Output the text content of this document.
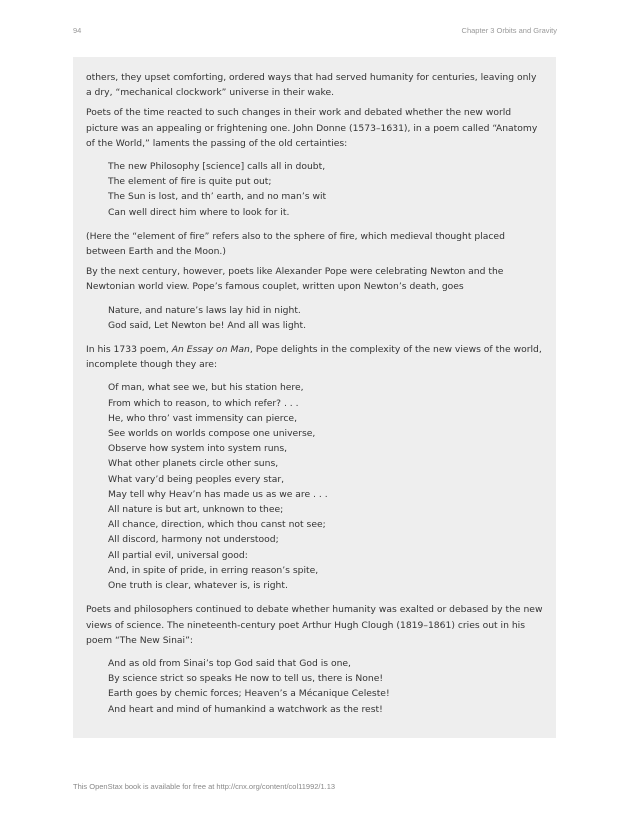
94	Chapter 3 Orbits and Gravity

others, they upset comforting, ordered ways that had served humanity for centuries, leaving only a dry, “mechanical clockwork” universe in their wake.

Poets of the time reacted to such changes in their work and debated whether the new world picture was an appealing or frightening one. John Donne (1573–1631), in a poem called “Anatomy of the World,” laments the passing of the old certainties:

The new Philosophy [science] calls all in doubt,
The element of fire is quite put out;
The Sun is lost, and th’ earth, and no man’s wit
Can well direct him where to look for it.

(Here the “element of fire” refers also to the sphere of fire, which medieval thought placed between Earth and the Moon.)

By the next century, however, poets like Alexander Pope were celebrating Newton and the Newtonian world view. Pope’s famous couplet, written upon Newton’s death, goes

Nature, and nature’s laws lay hid in night.
God said, Let Newton be! And all was light.

In his 1733 poem, An Essay on Man, Pope delights in the complexity of the new views of the world, incomplete though they are:

Of man, what see we, but his station here,
From which to reason, to which refer? . . .
He, who thro’ vast immensity can pierce,
See worlds on worlds compose one universe,
Observe how system into system runs,
What other planets circle other suns,
What vary’d being peoples every star,
May tell why Heav’n has made us as we are . . .
All nature is but art, unknown to thee;
All chance, direction, which thou canst not see;
All discord, harmony not understood;
All partial evil, universal good:
And, in spite of pride, in erring reason’s spite,
One truth is clear, whatever is, is right.

Poets and philosophers continued to debate whether humanity was exalted or debased by the new views of science. The nineteenth-century poet Arthur Hugh Clough (1819–1861) cries out in his poem “The New Sinai”:

And as old from Sinai’s top God said that God is one,
By science strict so speaks He now to tell us, there is None!
Earth goes by chemic forces; Heaven’s a Mécanique Celeste!
And heart and mind of humankind a watchwork as the rest!
This OpenStax book is available for free at http://cnx.org/content/col11992/1.13
